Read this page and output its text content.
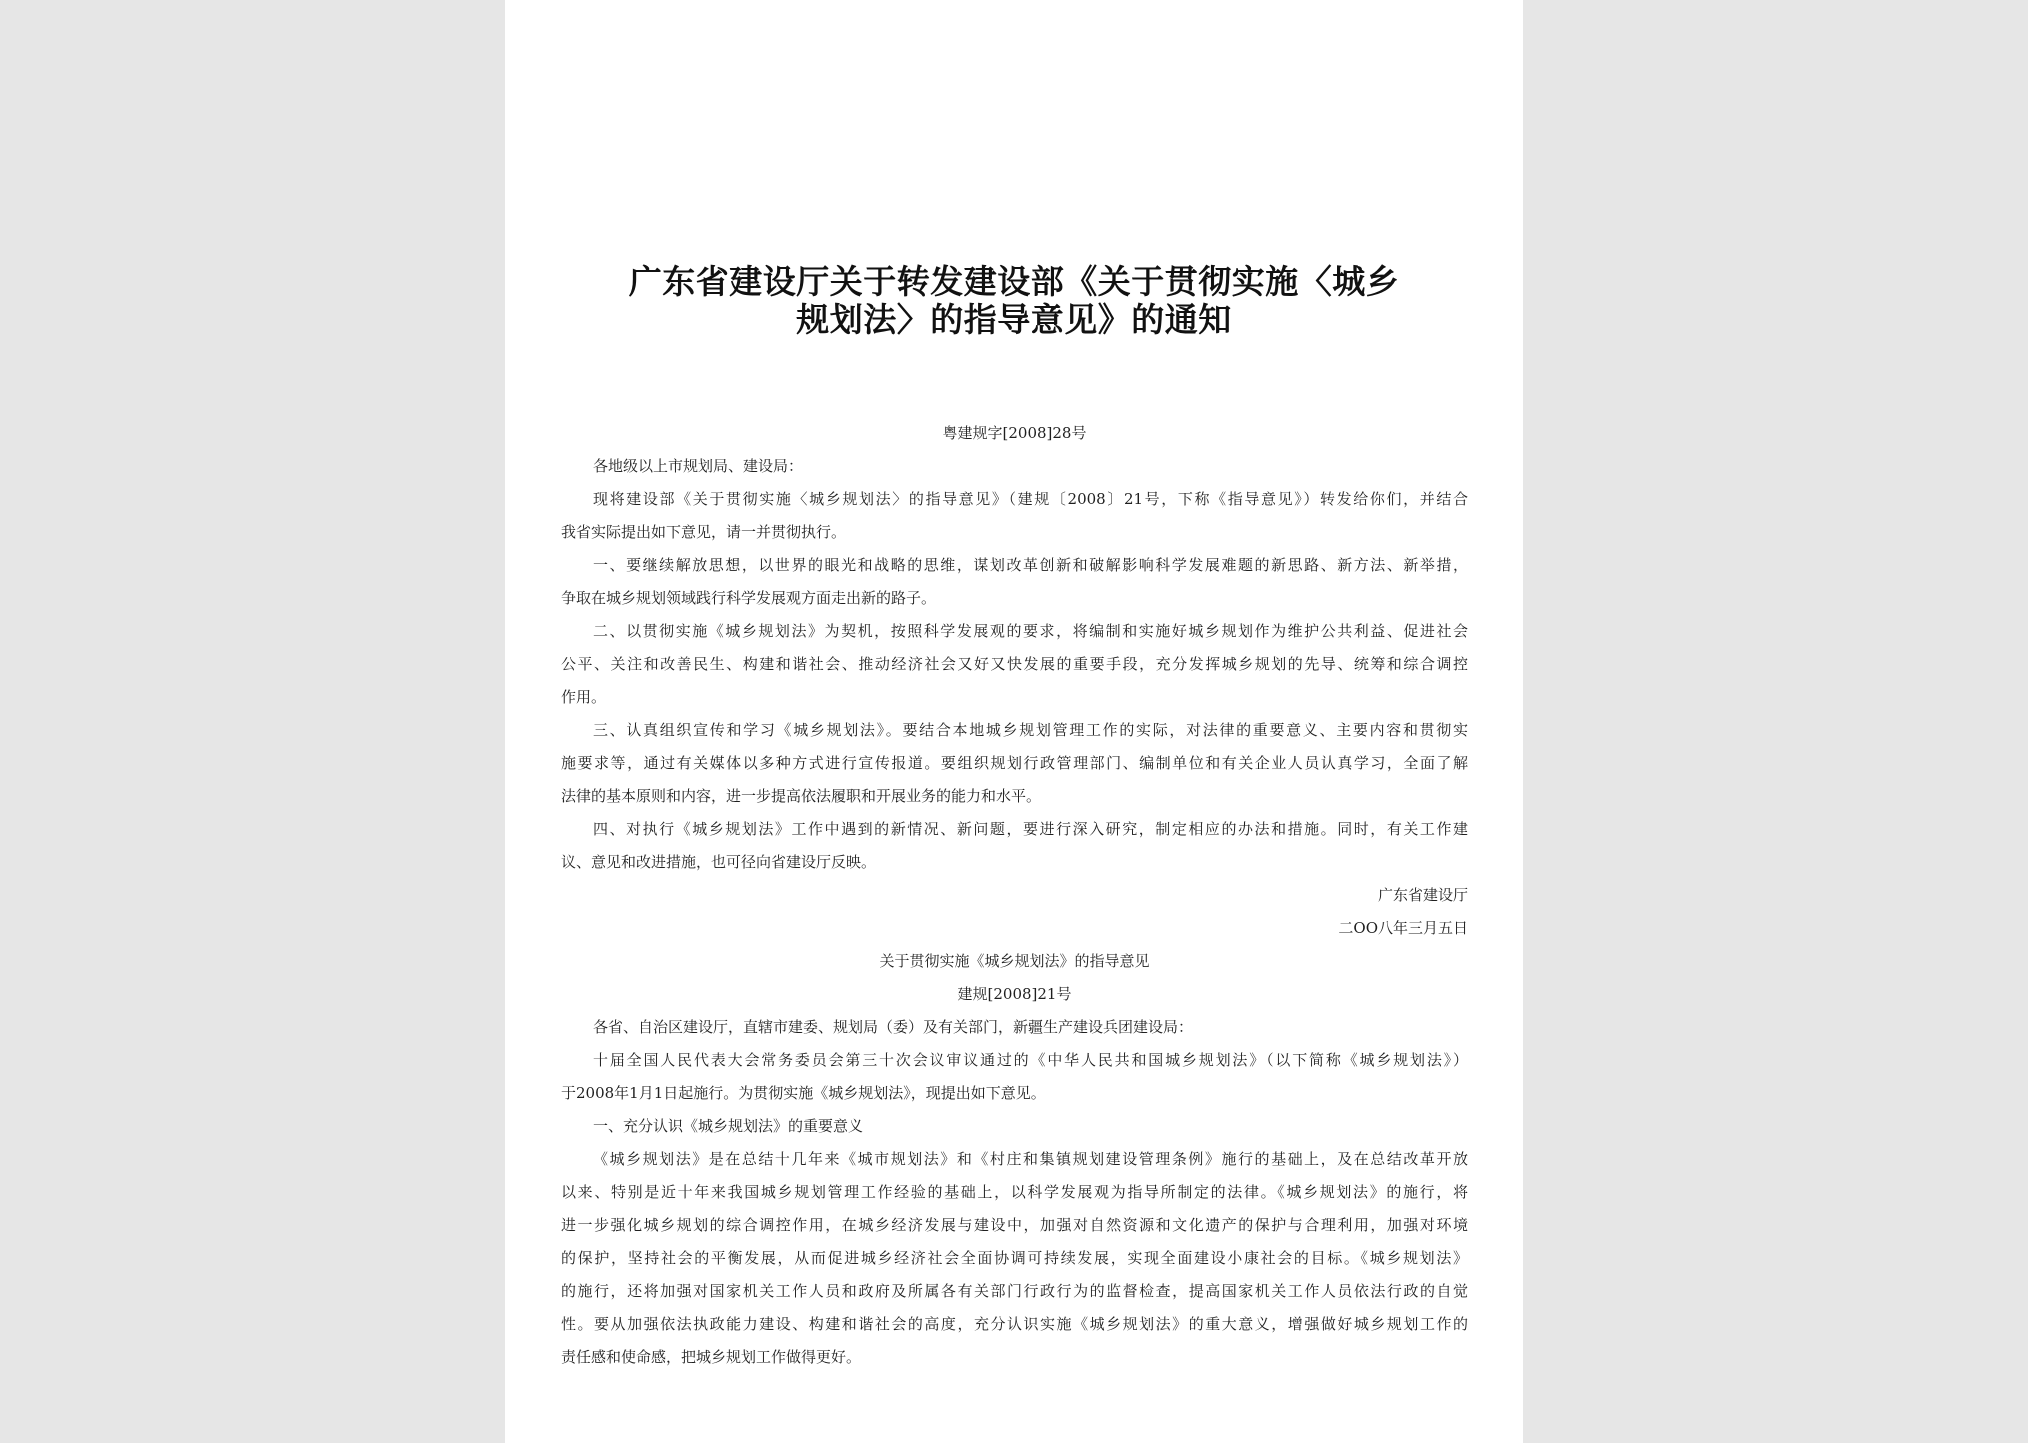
广东省建设厅关于转发建设部《关于贯彻实施〈城乡
规划法〉的指导意见》的通知
粤建规字[2008]28号
各地级以上市规划局、建设局：
现将建设部《关于贯彻实施〈城乡规划法〉的指导意见》（建规〔2008〕21号，下称《指导意见》）转发给你们，并结合
我省实际提出如下意见，请一并贯彻执行。
一、要继续解放思想，以世界的眼光和战略的思维，谋划改革创新和破解影响科学发展难题的新思路、新方法、新举措，
争取在城乡规划领域践行科学发展观方面走出新的路子。
二、以贯彻实施《城乡规划法》为契机，按照科学发展观的要求，将编制和实施好城乡规划作为维护公共利益、促进社会
公平、关注和改善民生、构建和谐社会、推动经济社会又好又快发展的重要手段，充分发挥城乡规划的先导、统筹和综合调控
作用。
三、认真组织宣传和学习《城乡规划法》。要结合本地城乡规划管理工作的实际，对法律的重要意义、主要内容和贯彻实
施要求等，通过有关媒体以多种方式进行宣传报道。要组织规划行政管理部门、编制单位和有关企业人员认真学习，全面了解
法律的基本原则和内容，进一步提高依法履职和开展业务的能力和水平。
四、对执行《城乡规划法》工作中遇到的新情况、新问题，要进行深入研究，制定相应的办法和措施。同时，有关工作建
议、意见和改进措施，也可径向省建设厅反映。
广东省建设厅
二OO八年三月五日
关于贯彻实施《城乡规划法》的指导意见
建规[2008]21号
各省、自治区建设厅，直辖市建委、规划局（委）及有关部门，新疆生产建设兵团建设局：
十届全国人民代表大会常务委员会第三十次会议审议通过的《中华人民共和国城乡规划法》（以下简称《城乡规划法》）
于2008年1月1日起施行。为贯彻实施《城乡规划法》，现提出如下意见。
一、充分认识《城乡规划法》的重要意义
《城乡规划法》是在总结十几年来《城市规划法》和《村庄和集镇规划建设管理条例》施行的基础上，及在总结改革开放
以来、特别是近十年来我国城乡规划管理工作经验的基础上，以科学发展观为指导所制定的法律。《城乡规划法》的施行，将
进一步强化城乡规划的综合调控作用，在城乡经济发展与建设中，加强对自然资源和文化遗产的保护与合理利用，加强对环境
的保护，坚持社会的平衡发展，从而促进城乡经济社会全面协调可持续发展，实现全面建设小康社会的目标。《城乡规划法》
的施行，还将加强对国家机关工作人员和政府及所属各有关部门行政行为的监督检查，提高国家机关工作人员依法行政的自觉
性。要从加强依法执政能力建设、构建和谐社会的高度，充分认识实施《城乡规划法》的重大意义，增强做好城乡规划工作的
责任感和使命感，把城乡规划工作做得更好。
